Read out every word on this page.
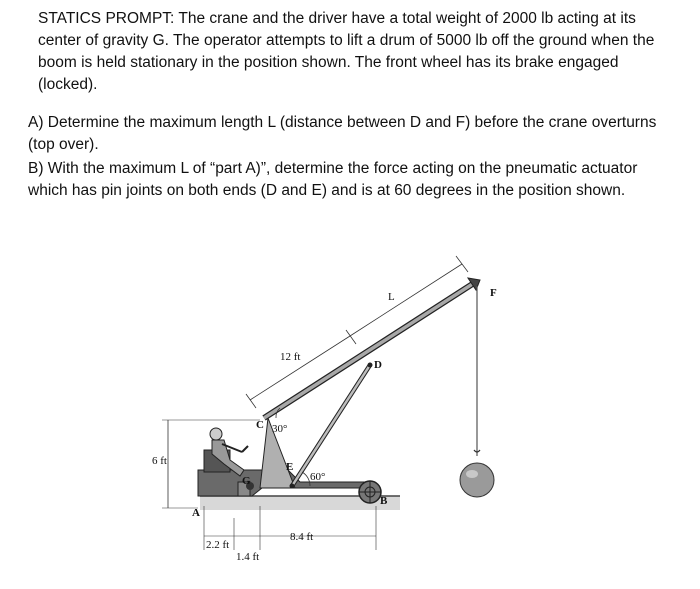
STATICS PROMPT: The crane and the driver have a total weight of 2000 lb acting at its
center of gravity G. The operator attempts to lift a drum of 5000 lb off the ground when the
boom is held stationary in the position shown. The front wheel has its brake engaged
(locked).
A) Determine the maximum length L (distance between D and F) before the crane overturns
(top over).
B) With the maximum L of “part A)”, determine the force acting on the pneumatic actuator
which has pin joints on both ends (D and E) and is at 60 degrees in the position shown.
12 ft
L
6 ft
2.2 ft
1.4 ft
8.4 ft
30°
60°
A
B
C
D
E
F
G
